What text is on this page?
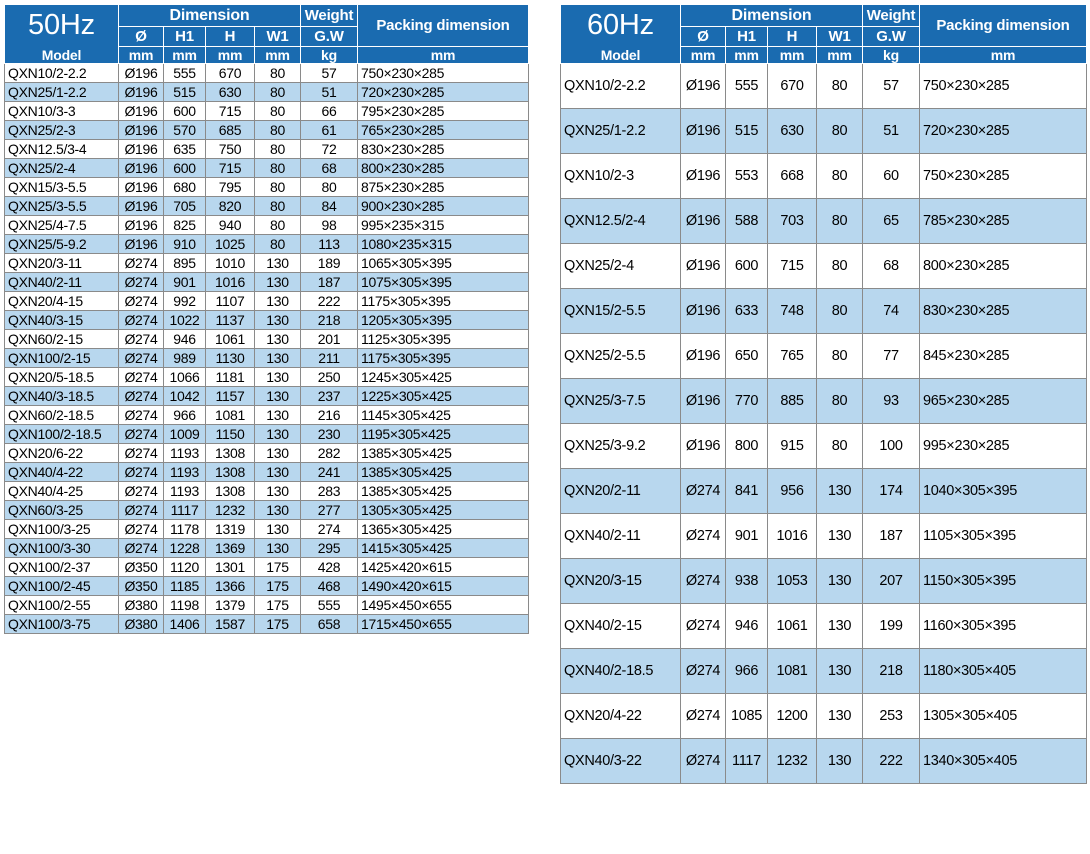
50Hz	Dimension				Weight	Packing dimension
	Ø	H1	H	W1	G.W	
Model	mm	mm	mm	mm	kg	mm
QXN10/2-2.2	Ø196	555	670	80	57	750×230×285
QXN25/1-2.2	Ø196	515	630	80	51	720×230×285
QXN10/3-3	Ø196	600	715	80	66	795×230×285
QXN25/2-3	Ø196	570	685	80	61	765×230×285
QXN12.5/3-4	Ø196	635	750	80	72	830×230×285
QXN25/2-4	Ø196	600	715	80	68	800×230×285
QXN15/3-5.5	Ø196	680	795	80	80	875×230×285
QXN25/3-5.5	Ø196	705	820	80	84	900×230×285
QXN25/4-7.5	Ø196	825	940	80	98	995×235×315
QXN25/5-9.2	Ø196	910	1025	80	113	1080×235×315
QXN20/3-11	Ø274	895	1010	130	189	1065×305×395
QXN40/2-11	Ø274	901	1016	130	187	1075×305×395
QXN20/4-15	Ø274	992	1107	130	222	1175×305×395
QXN40/3-15	Ø274	1022	1137	130	218	1205×305×395
QXN60/2-15	Ø274	946	1061	130	201	1125×305×395
QXN100/2-15	Ø274	989	1130	130	211	1175×305×395
QXN20/5-18.5	Ø274	1066	1181	130	250	1245×305×425
QXN40/3-18.5	Ø274	1042	1157	130	237	1225×305×425
QXN60/2-18.5	Ø274	966	1081	130	216	1145×305×425
QXN100/2-18.5	Ø274	1009	1150	130	230	1195×305×425
QXN20/6-22	Ø274	1193	1308	130	282	1385×305×425
QXN40/4-22	Ø274	1193	1308	130	241	1385×305×425
QXN40/4-25	Ø274	1193	1308	130	283	1385×305×425
QXN60/3-25	Ø274	1117	1232	130	277	1305×305×425
QXN100/3-25	Ø274	1178	1319	130	274	1365×305×425
QXN100/3-30	Ø274	1228	1369	130	295	1415×305×425
QXN100/2-37	Ø350	1120	1301	175	428	1425×420×615
QXN100/2-45	Ø350	1185	1366	175	468	1490×420×615
QXN100/2-55	Ø380	1198	1379	175	555	1495×450×655
QXN100/3-75	Ø380	1406	1587	175	658	1715×450×655
60Hz	Dimension				Weight	Packing dimension
	Ø	H1	H	W1	G.W	
Model	mm	mm	mm	mm	kg	mm
QXN10/2-2.2	Ø196	555	670	80	57	750×230×285
QXN25/1-2.2	Ø196	515	630	80	51	720×230×285
QXN10/2-3	Ø196	553	668	80	60	750×230×285
QXN12.5/2-4	Ø196	588	703	80	65	785×230×285
QXN25/2-4	Ø196	600	715	80	68	800×230×285
QXN15/2-5.5	Ø196	633	748	80	74	830×230×285
QXN25/2-5.5	Ø196	650	765	80	77	845×230×285
QXN25/3-7.5	Ø196	770	885	80	93	965×230×285
QXN25/3-9.2	Ø196	800	915	80	100	995×230×285
QXN20/2-11	Ø274	841	956	130	174	1040×305×395
QXN40/2-11	Ø274	901	1016	130	187	1105×305×395
QXN20/3-15	Ø274	938	1053	130	207	1150×305×395
QXN40/2-15	Ø274	946	1061	130	199	1160×305×395
QXN40/2-18.5	Ø274	966	1081	130	218	1180×305×405
QXN20/4-22	Ø274	1085	1200	130	253	1305×305×405
QXN40/3-22	Ø274	1117	1232	130	222	1340×305×405
